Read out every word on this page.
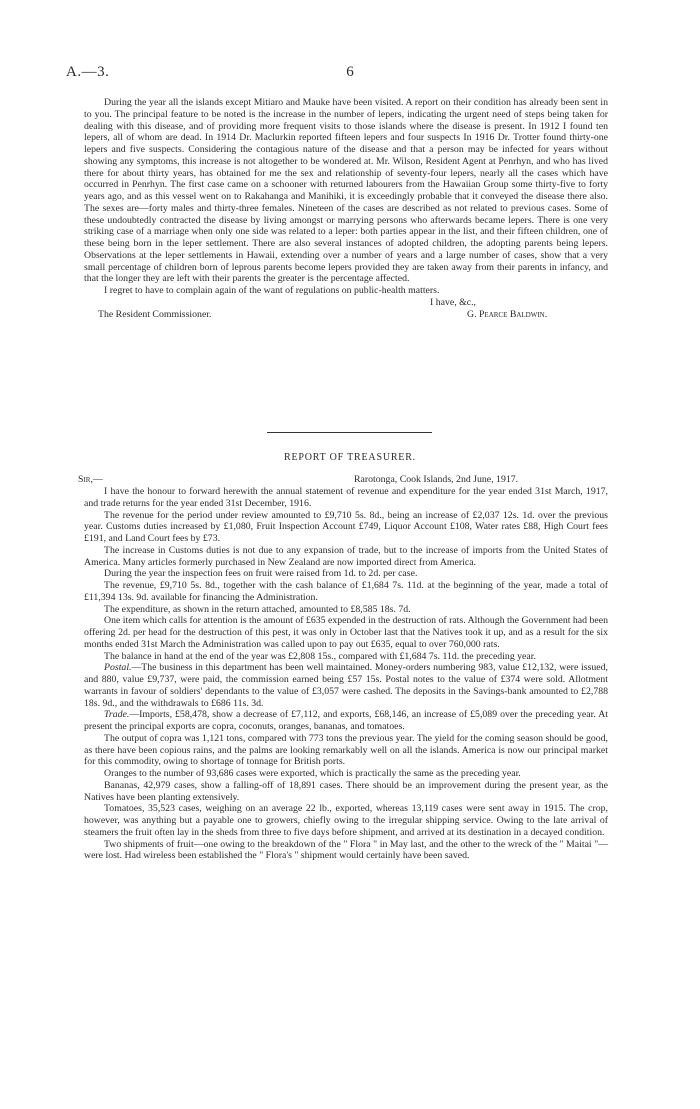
A.—3.	6

During the year all the islands except Mitiaro and Mauke have been visited. A report on their condition has already been sent in to you. The principal feature to be noted is the increase in the number of lepers, indicating the urgent need of steps being taken for dealing with this disease, and of providing more frequent visits to those islands where the disease is present. In 1912 I found ten lepers, all of whom are dead. In 1914 Dr. Maclurkin reported fifteen lepers and four suspects In 1916 Dr. Trotter found thirty-one lepers and five suspects. Considering the contagious nature of the disease and that a person may be infected for years without showing any symptoms, this increase is not altogether to be wondered at. Mr. Wilson, Resident Agent at Penrhyn, and who has lived there for about thirty years, has obtained for me the sex and relationship of seventy-four lepers, nearly all the cases which have occurred in Penrhyn. The first case came on a schooner with returned labourers from the Hawaiian Group some thirty-five to forty years ago, and as this vessel went on to Rakahanga and Manihiki, it is exceedingly probable that it conveyed the disease there also. The sexes are—forty males and thirty-three females. Nineteen of the cases are described as not related to previous cases. Some of these undoubtedly contracted the disease by living amongst or marrying persons who afterwards became lepers. There is one very striking case of a marriage when only one side was related to a leper: both parties appear in the list, and their fifteen children, one of these being born in the leper settlement. There are also several instances of adopted children, the adopting parents being lepers. Observations at the leper settlements in Hawaii, extending over a number of years and a large number of cases, show that a very small percentage of children born of leprous parents become lepers provided they are taken away from their parents in infancy, and that the longer they are left with their parents the greater is the percentage affected.

I regret to have to complain again of the want of regulations on public-health matters.

I have, &c.,
The Resident Commissioner.	G. Pearce Baldwin.
REPORT OF TREASURER.
Sir,—	Rarotonga, Cook Islands, 2nd June, 1917.

I have the honour to forward herewith the annual statement of revenue and expenditure for the year ended 31st March, 1917, and trade returns for the year ended 31st December, 1916.

The revenue for the period under review amounted to £9,710 5s. 8d., being an increase of £2,037 12s. 1d. over the previous year. Customs duties increased by £1,080, Fruit Inspection Account £749, Liquor Account £108, Water rates £88, High Court fees £191, and Land Court fees by £73.

The increase in Customs duties is not due to any expansion of trade, but to the increase of imports from the United States of America. Many articles formerly purchased in New Zealand are now imported direct from America.

During the year the inspection fees on fruit were raised from 1d. to 2d. per case.

The revenue, £9,710 5s. 8d., together with the cash balance of £1,684 7s. 11d. at the beginning of the year, made a total of £11,394 13s. 9d. available for financing the Administration.

The expenditure, as shown in the return attached, amounted to £8,585 18s. 7d.

One item which calls for attention is the amount of £635 expended in the destruction of rats. Although the Government had been offering 2d. per head for the destruction of this pest, it was only in October last that the Natives took it up, and as a result for the six months ended 31st March the Administration was called upon to pay out £635, equal to over 760,000 rats.

The balance in hand at the end of the year was £2,808 15s., compared with £1,684 7s. 11d. the preceding year.

Postal.—The business in this department has been well maintained. Money-orders numbering 983, value £12,132, were issued, and 880, value £9,737, were paid, the commission earned being £57 15s. Postal notes to the value of £374 were sold. Allotment warrants in favour of soldiers' dependants to the value of £3,057 were cashed. The deposits in the Savings-bank amounted to £2,788 18s. 9d., and the withdrawals to £686 11s. 3d.

Trade.—Imports, £58,478, show a decrease of £7,112, and exports, £68,146, an increase of £5,089 over the preceding year. At present the principal exports are copra, coconuts, oranges, bananas, and tomatoes.

The output of copra was 1,121 tons, compared with 773 tons the previous year. The yield for the coming season should be good, as there have been copious rains, and the palms are looking remarkably well on all the islands. America is now our principal market for this commodity, owing to shortage of tonnage for British ports.

Oranges to the number of 93,686 cases were exported, which is practically the same as the preceding year.

Bananas, 42,979 cases, show a falling-off of 18,891 cases. There should be an improvement during the present year, as the Natives have been planting extensively.

Tomatoes, 35,523 cases, weighing on an average 22 lb., exported, whereas 13,119 cases were sent away in 1915. The crop, however, was anything but a payable one to growers, chiefly owing to the irregular shipping service. Owing to the late arrival of steamers the fruit often lay in the sheds from three to five days before shipment, and arrived at its destination in a decayed condition.

Two shipments of fruit—one owing to the breakdown of the " Flora " in May last, and the other to the wreck of the " Maitai "—were lost. Had wireless been established the " Flora's " shipment would certainly have been saved.
